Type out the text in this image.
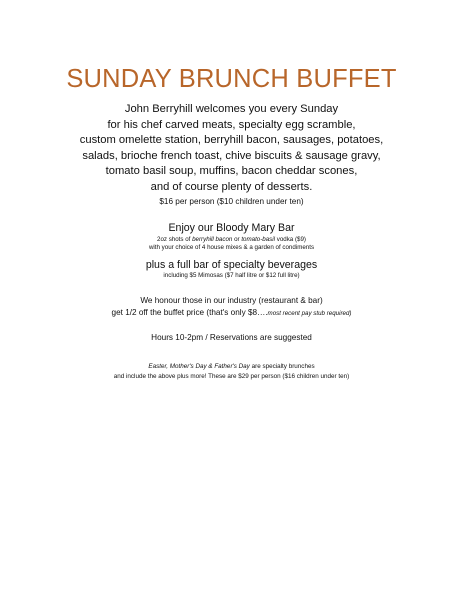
SUNDAY BRUNCH BUFFET
John Berryhill welcomes you every Sunday
for his chef carved meats, specialty egg scramble,
custom omelette station, berryhill bacon, sausages, potatoes,
salads, brioche french toast, chive biscuits & sausage gravy,
tomato basil soup, muffins, bacon cheddar scones,
and of course plenty of desserts.
$16 per person ($10 children under ten)
Enjoy our Bloody Mary Bar
2oz shots of berryhill bacon or tomato-basil vodka ($9)
with your choice of 4 house mixes & a garden of condiments
plus a full bar of specialty beverages
including $5 Mimosas ($7 half litre or $12 full litre)
We honour those in our industry (restaurant & bar)
get 1/2 off the buffet price (that's only $8….most recent pay stub required)
Hours 10-2pm / Reservations are suggested
Easter, Mother's Day & Father's Day are specialty brunches
and include the above plus more! These are $29 per person ($16 children under ten)
